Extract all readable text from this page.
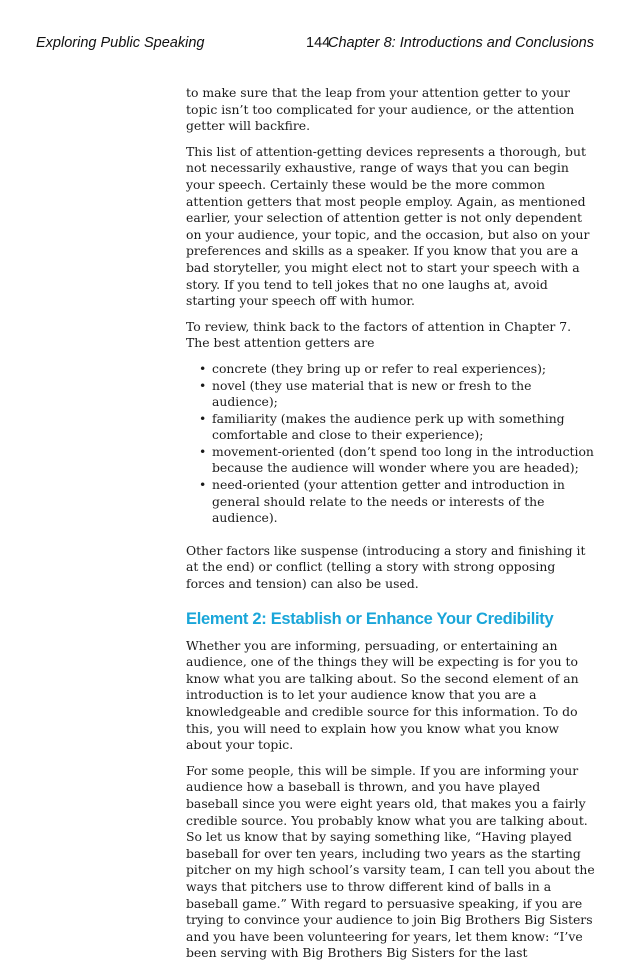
Exploring Public Speaking	144
Chapter 8: Introductions and Conclusions

to make sure that the leap from your attention getter to your topic isn’t too complicated for your audience, or the attention getter will backfire.

This list of attention-getting devices represents a thorough, but not necessarily exhaustive, range of ways that you can begin your speech. Certainly these would be the more common attention getters that most people employ. Again, as mentioned earlier, your selection of attention getter is not only dependent on your audience, your topic, and the occasion, but also on your preferences and skills as a speaker. If you know that you are a bad storyteller, you might elect not to start your speech with a story. If you tend to tell jokes that no one laughs at, avoid starting your speech off with humor.

To review, think back to the factors of attention in Chapter 7. The best attention getters are

• concrete (they bring up or refer to real experiences);
• novel (they use material that is new or fresh to the audience);
• familiarity (makes the audience perk up with something comfortable and close to their experience);
• movement-oriented (don’t spend too long in the introduction because the audience will wonder where you are headed);
• need-oriented (your attention getter and introduction in general should relate to the needs or interests of the audience).

Other factors like suspense (introducing a story and finishing it at the end) or conflict (telling a story with strong opposing forces and tension) can also be used.

Element 2: Establish or Enhance Your Credibility

Whether you are informing, persuading, or entertaining an audience, one of the things they will be expecting is for you to know what you are talking about. So the second element of an introduction is to let your audience know that you are a knowledgeable and credible source for this information. To do this, you will need to explain how you know what you know about your topic.

For some people, this will be simple. If you are informing your audience how a baseball is thrown, and you have played baseball since you were eight years old, that makes you a fairly credible source. You probably know what you are talking about. So let us know that by saying something like, “Having played baseball for over ten years, including two years as the starting pitcher on my high school’s varsity team, I can tell you about the ways that pitchers use to throw different kind of balls in a baseball game.” With regard to persuasive speaking, if you are trying to convince your audience to join Big Brothers Big Sisters and you have been volunteering for years, let them know: “I’ve been serving with Big Brothers Big Sisters for the last
